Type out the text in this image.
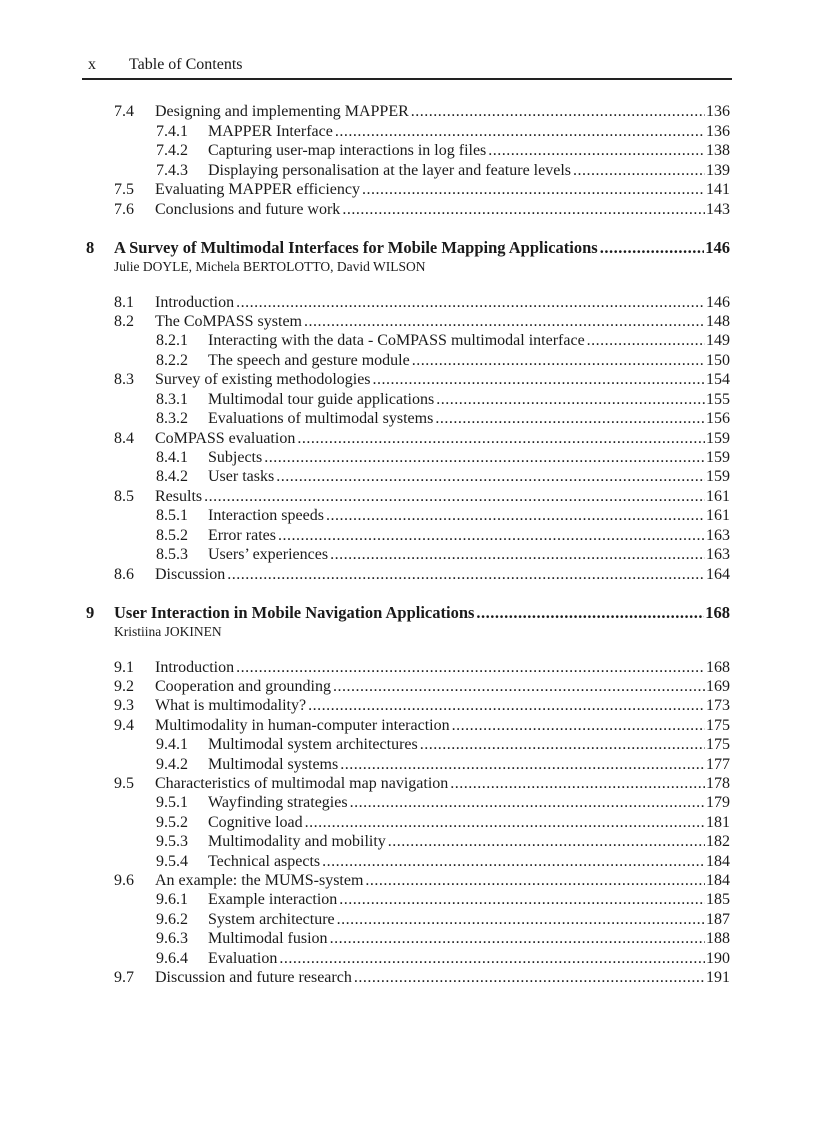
x Table of Contents
7.4	Designing and implementing MAPPER .....	136
7.4.1	MAPPER Interface .....	136
7.4.2	Capturing user-map interactions in log files .....	138
7.4.3	Displaying personalisation at the layer and feature levels .....	139
7.5	Evaluating MAPPER efficiency .....	141
7.6	Conclusions and future work .....	143
8	A Survey of Multimodal Interfaces for Mobile Mapping Applications .....	146
Julie DOYLE, Michela BERTOLOTTO, David WILSON
8.1	Introduction .....	146
8.2	The CoMPASS system .....	148
8.2.1	Interacting with the data - CoMPASS multimodal interface .....	149
8.2.2	The speech and gesture module .....	150
8.3	Survey of existing methodologies .....	154
8.3.1	Multimodal tour guide applications .....	155
8.3.2	Evaluations of multimodal systems .....	156
8.4	CoMPASS evaluation .....	159
8.4.1	Subjects .....	159
8.4.2	User tasks .....	159
8.5	Results .....	161
8.5.1	Interaction speeds .....	161
8.5.2	Error rates .....	163
8.5.3	Users’ experiences .....	163
8.6	Discussion .....	164
9	User Interaction in Mobile Navigation Applications .....	168
Kristiina JOKINEN
9.1	Introduction .....	168
9.2	Cooperation and grounding .....	169
9.3	What is multimodality? .....	173
9.4	Multimodality in human-computer interaction .....	175
9.4.1	Multimodal system architectures .....	175
9.4.2	Multimodal systems .....	177
9.5	Characteristics of multimodal map navigation .....	178
9.5.1	Wayfinding strategies .....	179
9.5.2	Cognitive load .....	181
9.5.3	Multimodality and mobility .....	182
9.5.4	Technical aspects .....	184
9.6	An example: the MUMS-system .....	184
9.6.1	Example interaction .....	185
9.6.2	System architecture .....	187
9.6.3	Multimodal fusion .....	188
9.6.4	Evaluation .....	190
9.7	Discussion and future research .....	191
